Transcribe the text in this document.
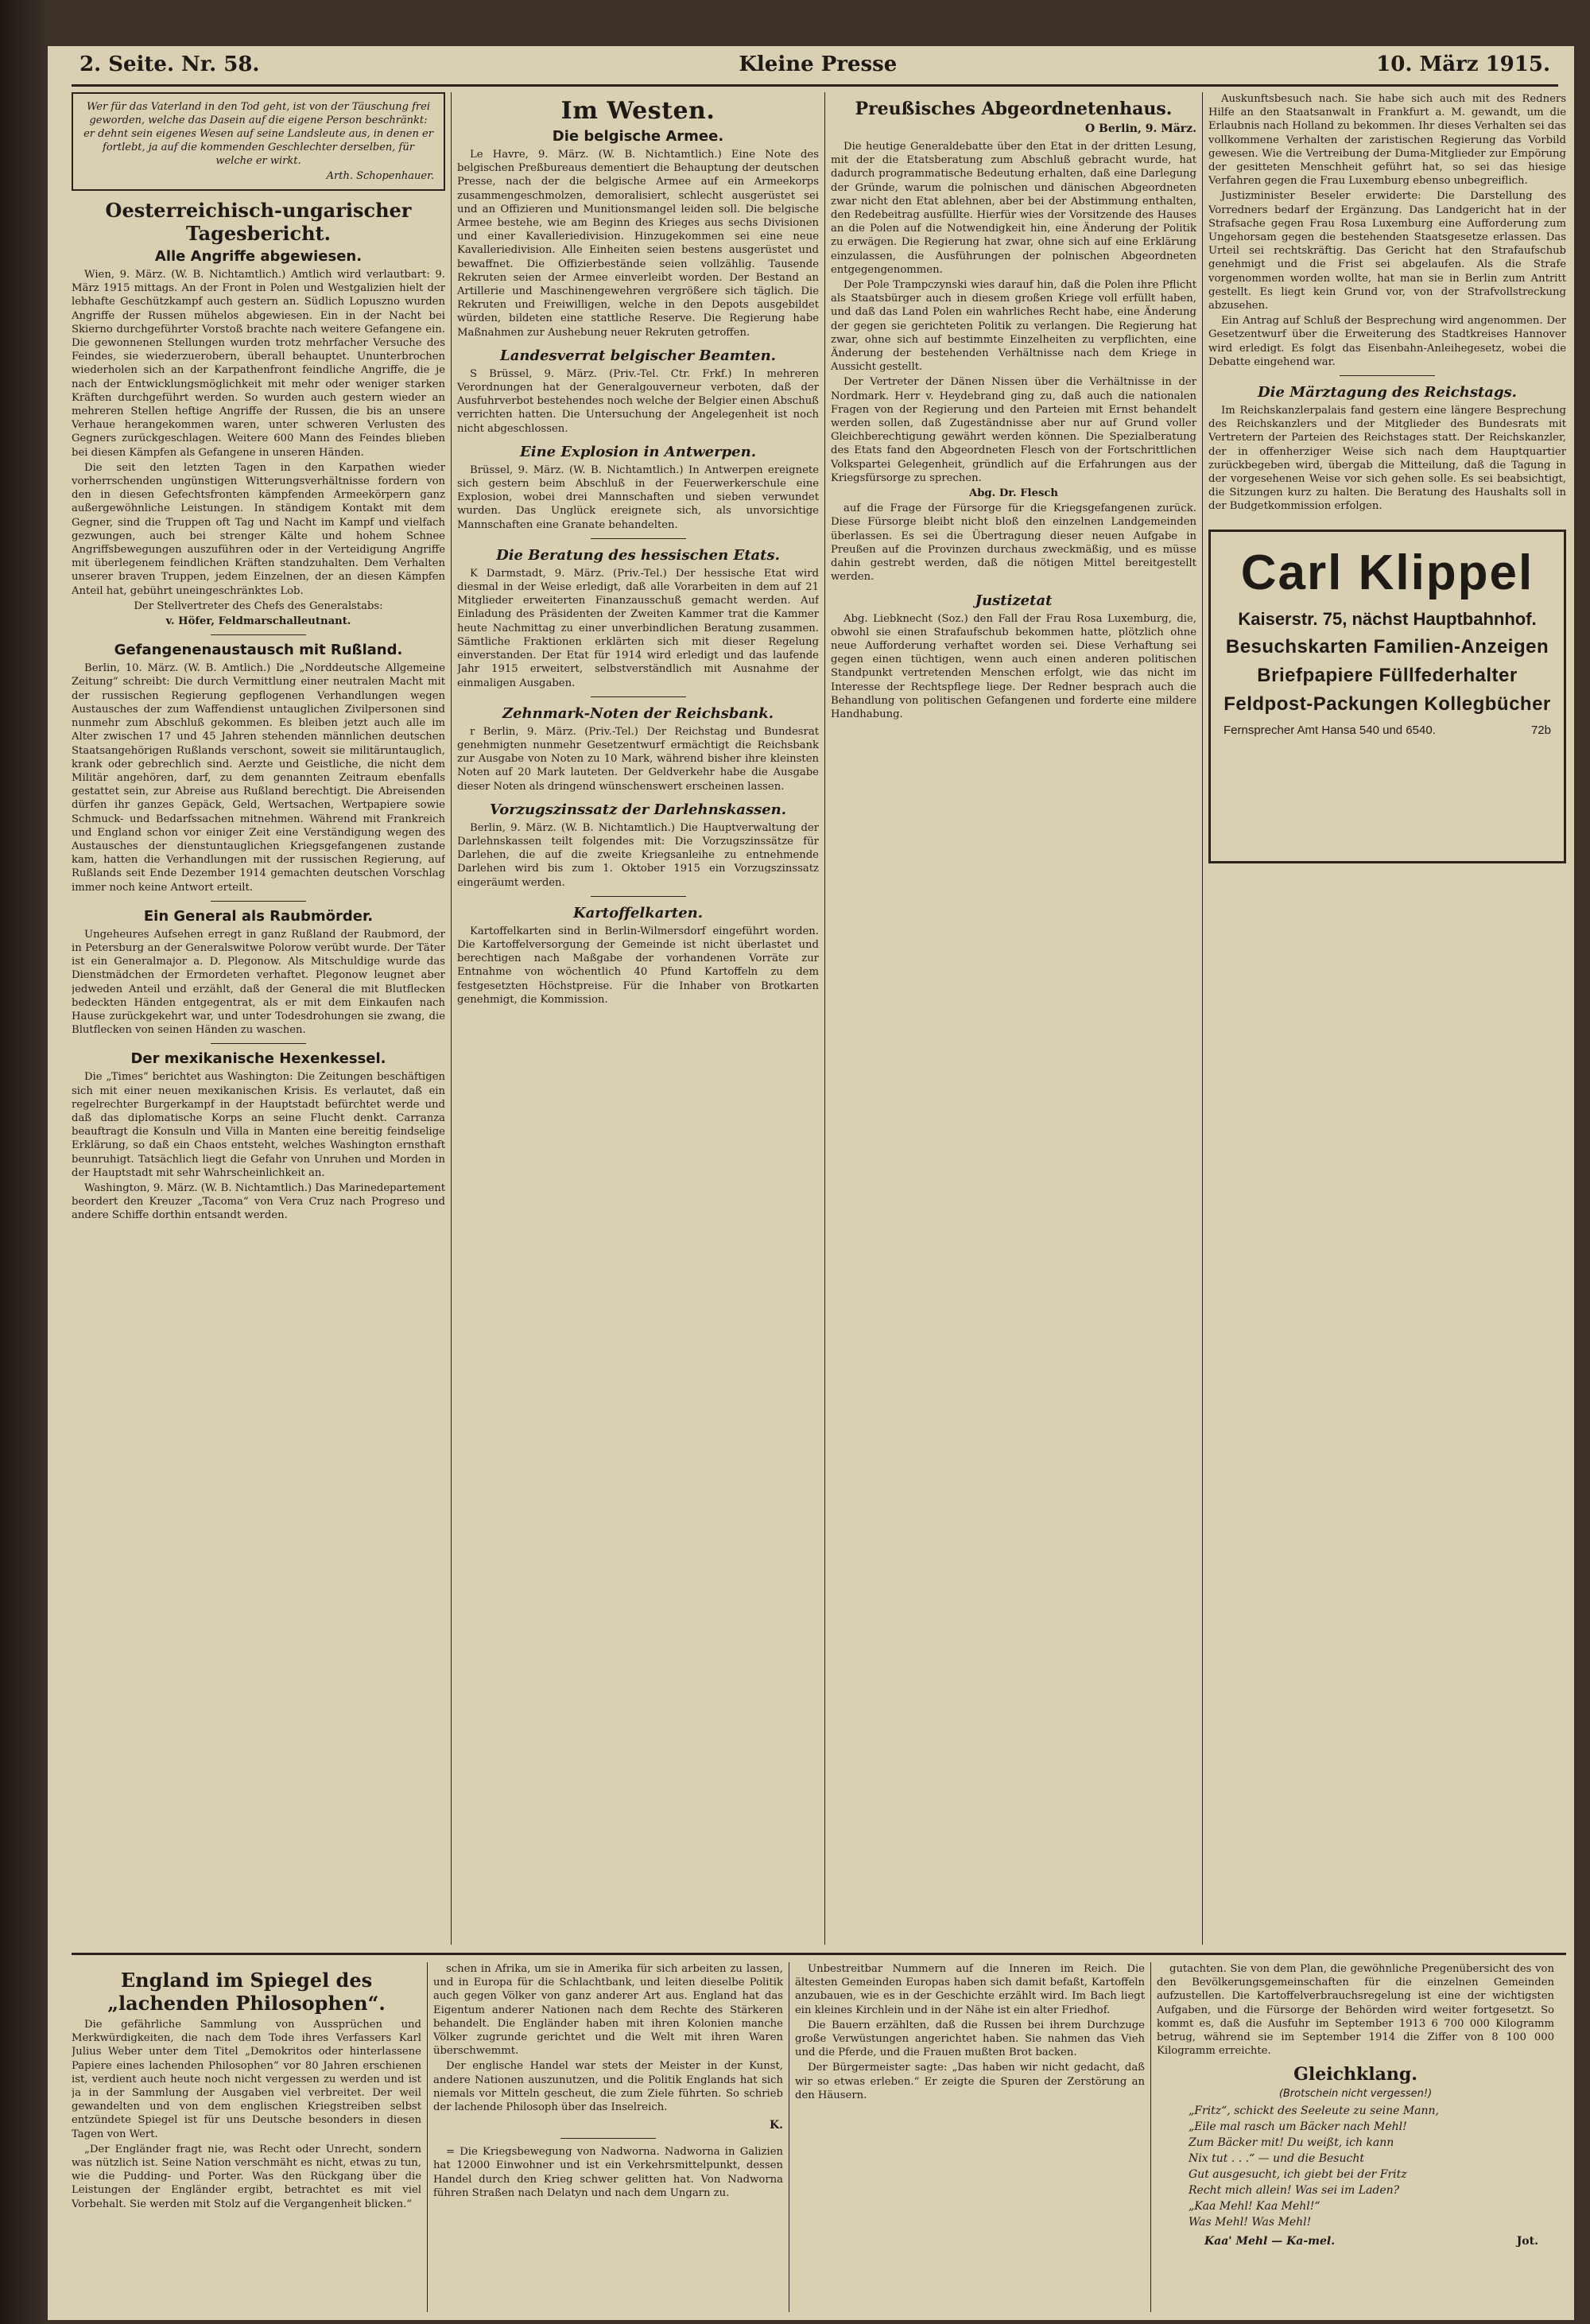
2. Seite. Nr. 58.	Kleine Presse	10. März 1915.
Wer für das Vaterland in den Tod geht, ist von der Täuschung frei geworden, welche das Dasein auf die eigene Person beschränkt: er dehnt sein eigenes Wesen auf seine Landsleute aus, in denen er fortlebt, ja auf die kommenden Geschlechter derselben, für welche er wirkt.
Arth. Schopenhauer.
Oesterreichisch-ungarischer Tagesbericht.
Alle Angriffe abgewiesen.

Wien, 9. März. (W. B. Nichtamtlich.) Amtlich wird verlautbart: 9. März 1915 mittags. An der Front in Polen und Westgalizien hielt der lebhafte Geschützkampf auch gestern an. Südlich Lopuszno wurden Angriffe der Russen mühelos abgewiesen. Ein in der Nacht bei Skierno durchgeführter Vorstoß brachte nach weitere Gefangene ein. Die gewonnenen Stellungen wurden trotz mehrfacher Versuche des Feindes, sie wiederzuerobern, überall behauptet. Ununterbrochen wiederholen sich an der Karpathenfront feindliche Angriffe, die je nach der Entwicklungsmöglichkeit mit mehr oder weniger starken Kräften durchgeführt werden. So wurden auch gestern wieder an mehreren Stellen heftige Angriffe der Russen, die bis an unsere Verhaue herangekommen waren, unter schweren Verlusten des Gegners zurückgeschlagen. Weitere 600 Mann des Feindes blieben bei diesen Kämpfen als Gefangene in unseren Händen.

Die seit den letzten Tagen in den Karpathen wieder vorherrschenden ungünstigen Witterungsverhältnisse fordern von den in diesen Gefechtsfronten kämpfenden Armeekörpern ganz außergewöhnliche Leistungen. In ständigem Kontakt mit dem Gegner, sind die Truppen oft Tag und Nacht im Kampf und vielfach gezwungen, auch bei strenger Kälte und hohem Schnee Angriffsbewegungen auszuführen oder in der Verteidigung Angriffe mit überlegenem feindlichen Kräften standzuhalten. Dem Verhalten unserer braven Truppen, jedem Einzelnen, der an diesen Kämpfen Anteil hat, gebührt uneingeschränktes Lob.

Der Stellvertreter des Chefs des Generalstabs:

v. Höfer, Feldmarschalleutnant.

Gefangenenaustausch mit Rußland.

Berlin, 10. März. (W. B. Amtlich.) Die „Norddeutsche Allgemeine Zeitung“ schreibt: Die durch Vermittlung einer neutralen Macht mit der russischen Regierung gepflogenen Verhandlungen wegen Austausches der zum Waffendienst untauglichen Zivilpersonen sind nunmehr zum Abschluß gekommen. Es bleiben jetzt auch alle im Alter zwischen 17 und 45 Jahren stehenden männlichen deutschen Staatsangehörigen Rußlands verschont, soweit sie militäruntauglich, krank oder gebrechlich sind. Aerzte und Geistliche, die nicht dem Militär angehören, darf, zu dem genannten Zeitraum ebenfalls gestattet sein, zur Abreise aus Rußland berechtigt. Die Abreisenden dürfen ihr ganzes Gepäck, Geld, Wertsachen, Wertpapiere sowie Schmuck- und Bedarfssachen mitnehmen. Während mit Frankreich und England schon vor einiger Zeit eine Verständigung wegen des Austausches der dienstuntauglichen Kriegsgefangenen zustande kam, hatten die Verhandlungen mit der russischen Regierung, auf Rußlands seit Ende Dezember 1914 gemachten deutschen Vorschlag immer noch keine Antwort erteilt.

Ein General als Raubmörder.

Ungeheures Aufsehen erregt in ganz Rußland der Raubmord, der in Petersburg an der Generalswitwe Polorow verübt wurde. Der Täter ist ein Generalmajor a. D. Plegonow. Als Mitschuldige wurde das Dienstmädchen der Ermordeten verhaftet. Plegonow leugnet aber jedweden Anteil und erzählt, daß der General die mit Blutflecken bedeckten Händen entgegentrat, als er mit dem Einkaufen nach Hause zurückgekehrt war, und unter Todesdrohungen sie zwang, die Blutflecken von seinen Händen zu waschen.

Der mexikanische Hexenkessel.

Die „Times“ berichtet aus Washington: Die Zeitungen beschäftigen sich mit einer neuen mexikanischen Krisis. Es verlautet, daß ein regelrechter Burgerkampf in der Hauptstadt befürchtet werde und daß das diplomatische Korps an seine Flucht denkt. Carranza beauftragt die Konsuln und Villa in Manten eine bereitig feindselige Erklärung, so daß ein Chaos entsteht, welches Washington ernsthaft beunruhigt. Tatsächlich liegt die Gefahr von Unruhen und Morden in der Hauptstadt mit sehr Wahrscheinlichkeit an.

Washington, 9. März. (W. B. Nichtamtlich.) Das Marinedepartement beordert den Kreuzer „Tacoma“ von Vera Cruz nach Progreso und andere Schiffe dorthin entsandt werden.

Im Westen.
Die belgische Armee.

Le Havre, 9. März. (W. B. Nichtamtlich.) Eine Note des belgischen Preßbureaus dementiert die Behauptung der deutschen Presse, nach der die belgische Armee auf ein Armeekorps zusammengeschmolzen, demoralisiert, schlecht ausgerüstet sei und an Offizieren und Munitionsmangel leiden soll. Die belgische Armee bestehe, wie am Beginn des Krieges aus sechs Divisionen und einer Kavalleriedivision. Hinzugekommen sei eine neue Kavalleriedivision. Alle Einheiten seien bestens ausgerüstet und bewaffnet. Die Offizierbestände seien vollzählig. Tausende Rekruten seien der Armee einverleibt worden. Der Bestand an Artillerie und Maschinengewehren vergrößere sich täglich. Die Rekruten und Freiwilligen, welche in den Depots ausgebildet würden, bildeten eine stattliche Reserve. Die Regierung habe Maßnahmen zur Aushebung neuer Rekruten getroffen.

Landesverrat belgischer Beamten.

S Brüssel, 9. März. (Priv.-Tel. Ctr. Frkf.) In mehreren Verordnungen hat der Generalgouverneur verboten, daß der Ausfuhrverbot bestehendes noch welche der Belgier einen Abschuß verrichten hatten. Die Untersuchung der Angelegenheit ist noch nicht abgeschlossen.

Eine Explosion in Antwerpen.

Brüssel, 9. März. (W. B. Nichtamtlich.) In Antwerpen ereignete sich gestern beim Abschluß in der Feuerwerkerschule eine Explosion, wobei drei Mannschaften und sieben verwundet wurden. Das Unglück ereignete sich, als unvorsichtige Mannschaften eine Granate behandelten.

Die Beratung des hessischen Etats.

K Darmstadt, 9. März. (Priv.-Tel.) Der hessische Etat wird diesmal in der Weise erledigt, daß alle Vorarbeiten in dem auf 21 Mitglieder erweiterten Finanzausschuß gemacht werden. Auf Einladung des Präsidenten der Zweiten Kammer trat die Kammer heute Nachmittag zu einer unverbindlichen Beratung zusammen. Sämtliche Fraktionen erklärten sich mit dieser Regelung einverstanden. Der Etat für 1914 wird erledigt und das laufende Jahr 1915 erweitert, selbstverständlich mit Ausnahme der einmaligen Ausgaben.

Zehnmark-Noten der Reichsbank.

r Berlin, 9. März. (Priv.-Tel.) Der Reichstag und Bundesrat genehmigten nunmehr Gesetzentwurf ermächtigt die Reichsbank zur Ausgabe von Noten zu 10 Mark, während bisher ihre kleinsten Noten auf 20 Mark lauteten. Der Geldverkehr habe die Ausgabe dieser Noten als dringend wünschenswert erscheinen lassen.

Vorzugszinssatz der Darlehnskassen.

Berlin, 9. März. (W. B. Nichtamtlich.) Die Hauptverwaltung der Darlehnskassen teilt folgendes mit: Die Vorzugszinssätze für Darlehen, die auf die zweite Kriegsanleihe zu entnehmende Darlehen wird bis zum 1. Oktober 1915 ein Vorzugszinssatz eingeräumt werden.

Kartoffelkarten.

Kartoffelkarten sind in Berlin-Wilmersdorf eingeführt worden. Die Kartoffelversorgung der Gemeinde ist nicht überlastet und berechtigen nach Maßgabe der vorhandenen Vorräte zur Entnahme von wöchentlich 40 Pfund Kartoffeln zu dem festgesetzten Höchstpreise. Für die Inhaber von Brotkarten genehmigt, die Kommission.

Preußisches Abgeordnetenhaus.
O Berlin, 9. März.

Die heutige Generaldebatte über den Etat in der dritten Lesung, mit der die Etatsberatung zum Abschluß gebracht wurde, hat dadurch programmatische Bedeutung erhalten, daß eine Darlegung der Gründe, warum die polnischen und dänischen Abgeordneten zwar nicht den Etat ablehnen, aber bei der Abstimmung enthalten, den Redebeitrag ausfüllte. Hierfür wies der Vorsitzende des Hauses an die Polen auf die Notwendigkeit hin, eine Änderung der Politik zu erwägen. Die Regierung hat zwar, ohne sich auf eine Erklärung einzulassen, die Ausführungen der polnischen Abgeordneten entgegengenommen.

Der Pole Trampczynski wies darauf hin, daß die Polen ihre Pflicht als Staatsbürger auch in diesem großen Kriege voll erfüllt haben, und daß das Land Polen ein wahrliches Recht habe, eine Änderung der gegen sie gerichteten Politik zu verlangen. Die Regierung hat zwar, ohne sich auf bestimmte Einzelheiten zu verpflichten, eine Änderung der bestehenden Verhältnisse nach dem Kriege in Aussicht gestellt.

Der Vertreter der Dänen Nissen über die Verhältnisse in der Nordmark. Herr v. Heydebrand ging zu, daß auch die nationalen Fragen von der Regierung und den Parteien mit Ernst behandelt werden sollen, daß Zugeständnisse aber nur auf Grund voller Gleichberechtigung gewährt werden können. Die Spezialberatung des Etats fand den Abgeordneten Flesch von der Fortschrittlichen Volkspartei Gelegenheit, gründlich auf die Erfahrungen aus der Kriegsfürsorge zu sprechen.

Abg. Dr. Flesch

auf die Frage der Fürsorge für die Kriegsgefangenen zurück. Diese Fürsorge bleibt nicht bloß den einzelnen Landgemeinden überlassen. Es sei die Übertragung dieser neuen Aufgabe in Preußen auf die Provinzen durchaus zweckmäßig, und es müsse dahin gestrebt werden, daß die nötigen Mittel bereitgestellt werden.

Justizetat

Abg. Liebknecht (Soz.) den Fall der Frau Rosa Luxemburg, die, obwohl sie einen Strafaufschub bekommen hatte, plötzlich ohne neue Aufforderung verhaftet worden sei. Diese Verhaftung sei gegen einen tüchtigen, wenn auch einen anderen politischen Standpunkt vertretenden Menschen erfolgt, wie das nicht im Interesse der Rechtspflege liege. Der Redner besprach auch die Behandlung von politischen Gefangenen und forderte eine mildere Handhabung.

Auskunftsbesuch nach. Sie habe sich auch mit des Redners Hilfe an den Staatsanwalt in Frankfurt a. M. gewandt, um die Erlaubnis nach Holland zu bekommen. Ihr dieses Verhalten sei das vollkommene Verhalten der zaristischen Regierung das Vorbild gewesen. Wie die Vertreibung der Duma-Mitglieder zur Empörung der gesitteten Menschheit geführt hat, so sei das hiesige Verfahren gegen die Frau Luxemburg ebenso unbegreiflich.

Justizminister Beseler erwiderte: Die Darstellung des Vorredners bedarf der Ergänzung. Das Landgericht hat in der Strafsache gegen Frau Rosa Luxemburg eine Aufforderung zum Ungehorsam gegen die bestehenden Staatsgesetze erlassen. Das Urteil sei rechtskräftig. Das Gericht hat den Strafaufschub genehmigt und die Frist sei abgelaufen. Als die Strafe vorgenommen worden wollte, hat man sie in Berlin zum Antritt gestellt. Es liegt kein Grund vor, von der Strafvollstreckung abzusehen.

Ein Antrag auf Schluß der Besprechung wird angenommen. Der Gesetzentwurf über die Erweiterung des Stadtkreises Hannover wird erledigt. Es folgt das Eisenbahn-Anleihegesetz, wobei die Debatte eingehend war.

Die Märztagung des Reichstags.

Im Reichskanzlerpalais fand gestern eine längere Besprechung des Reichskanzlers und der Mitglieder des Bundesrats mit Vertretern der Parteien des Reichstages statt. Der Reichskanzler, der in offenherziger Weise sich nach dem Hauptquartier zurückbegeben wird, übergab die Mitteilung, daß die Tagung in der vorgesehenen Weise vor sich gehen solle. Es sei beabsichtigt, die Sitzungen kurz zu halten. Die Beratung des Haushalts soll in der Budgetkommission erfolgen.

Carl Klippel
Kaiserstr. 75, nächst Hauptbahnhof.
Besuchskarten Familien-Anzeigen
Briefpapiere Füllfederhalter
Feldpost-Packungen Kollegbücher
Fernsprecher Amt Hansa 540 und 6540.	72b
England im Spiegel des „lachenden Philosophen“.

Die gefährliche Sammlung von Aussprüchen und Merkwürdigkeiten, die nach dem Tode ihres Verfassers Karl Julius Weber unter dem Titel „Demokritos oder hinterlassene Papiere eines lachenden Philosophen“ vor 80 Jahren erschienen ist, verdient auch heute noch nicht vergessen zu werden und ist ja in der Sammlung der Ausgaben viel verbreitet. Der weil gewandelten und von dem englischen Kriegstreiben selbst entzündete Spiegel ist für uns Deutsche besonders in diesen Tagen von Wert.

„Der Engländer fragt nie, was Recht oder Unrecht, sondern was nützlich ist. Seine Nation verschmäht es nicht, etwas zu tun, wie die Pudding- und Porter. Was den Rückgang über die Leistungen der Engländer ergibt, betrachtet es mit viel Vorbehalt. Sie werden mit Stolz auf die Vergangenheit blicken.“

schen in Afrika, um sie in Amerika für sich arbeiten zu lassen, und in Europa für die Schlachtbank, und leiten dieselbe Politik auch gegen Völker von ganz anderer Art aus. England hat das Eigentum anderer Nationen nach dem Rechte des Stärkeren behandelt. Die Engländer haben mit ihren Kolonien manche Völker zugrunde gerichtet und die Welt mit ihren Waren überschwemmt.

Der englische Handel war stets der Meister in der Kunst, andere Nationen auszunutzen, und die Politik Englands hat sich niemals vor Mitteln gescheut, die zum Ziele führten. So schrieb der lachende Philosoph über das Inselreich.

K.

= Die Kriegsbewegung von Nadworna. Nadworna in Galizien hat 12000 Einwohner und ist ein Verkehrsmittelpunkt, dessen Handel durch den Krieg schwer gelitten hat. Von Nadworna führen Straßen nach Delatyn und nach dem Ungarn zu.

Unbestreitbar Nummern auf die Inneren im Reich. Die ältesten Gemeinden Europas haben sich damit befaßt, Kartoffeln anzubauen, wie es in der Geschichte erzählt wird. Im Bach liegt ein kleines Kirchlein und in der Nähe ist ein alter Friedhof.

Die Bauern erzählten, daß die Russen bei ihrem Durchzuge große Verwüstungen angerichtet haben. Sie nahmen das Vieh und die Pferde, und die Frauen mußten Brot backen.

Der Bürgermeister sagte: „Das haben wir nicht gedacht, daß wir so etwas erleben.“ Er zeigte die Spuren der Zerstörung an den Häusern.

gutachten. Sie von dem Plan, die gewöhnliche Pregenübersicht des von den Bevölkerungsgemeinschaften für die einzelnen Gemeinden aufzustellen. Die Kartoffelverbrauchsregelung ist eine der wichtigsten Aufgaben, und die Fürsorge der Behörden wird weiter fortgesetzt. So kommt es, daß die Ausfuhr im September 1913 6 700 000 Kilogramm betrug, während sie im September 1914 die Ziffer von 8 100 000 Kilogramm erreichte.

Gleichklang.
(Brotschein nicht vergessen!)
„Fritz“, schickt des Seeleute zu seine Mann,
„Eile mal rasch um Bäcker nach Mehl!
Zum Bäcker mit! Du weißt, ich kann
Nix tut . . .“ — und die Besucht
Gut ausgesucht, ich giebt bei der Fritz
Recht mich allein! Was sei im Laden?
„Kaa Mehl! Kaa Mehl!“
Was Mehl! Was Mehl!
Kaa' Mehl — Ka-mel.	Jot.
